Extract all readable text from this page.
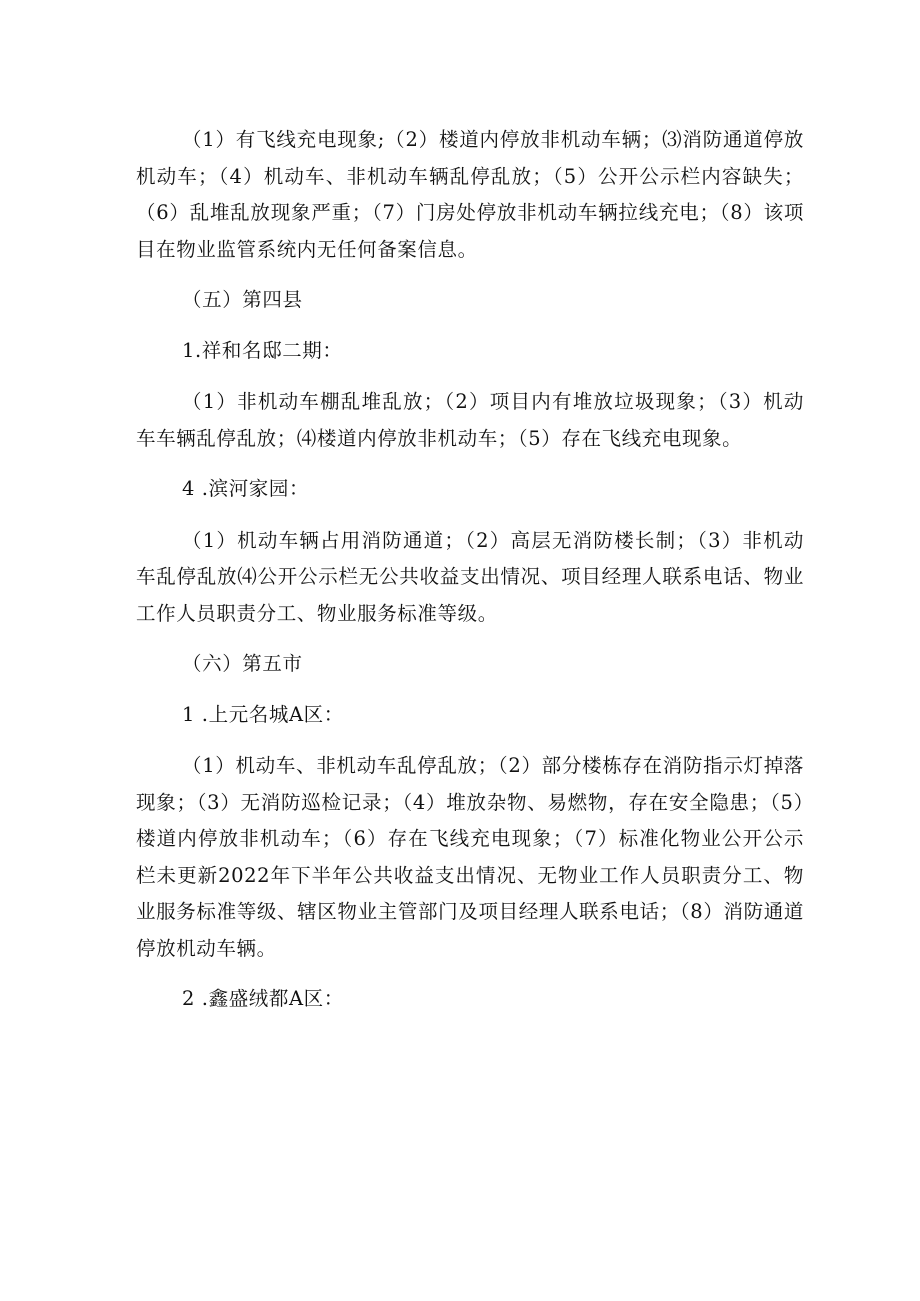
（1）有飞线充电现象;（2）楼道内停放非机动车辆；⑶消防通道停放机动车；（4）机动车、非机动车辆乱停乱放；（5）公开公示栏内容缺失；（6）乱堆乱放现象严重；（7）门房处停放非机动车辆拉线充电；（8）该项目在物业监管系统内无任何备案信息。

（五）第四县

1.祥和名邸二期：

（1）非机动车棚乱堆乱放；（2）项目内有堆放垃圾现象；（3）机动车车辆乱停乱放；⑷楼道内停放非机动车；（5）存在飞线充电现象。

4 .滨河家园：

（1）机动车辆占用消防通道；（2）高层无消防楼长制；（3）非机动车乱停乱放⑷公开公示栏无公共收益支出情况、项目经理人联系电话、物业工作人员职责分工、物业服务标准等级。

（六）第五市

1 .上元名城A区：

（1）机动车、非机动车乱停乱放；（2）部分楼栋存在消防指示灯掉落现象；（3）无消防巡检记录；（4）堆放杂物、易燃物，存在安全隐患；（5）楼道内停放非机动车；（6）存在飞线充电现象；（7）标准化物业公开公示栏未更新2022年下半年公共收益支出情况、无物业工作人员职责分工、物业服务标准等级、辖区物业主管部门及项目经理人联系电话；（8）消防通道停放机动车辆。

2 .鑫盛绒都A区：
